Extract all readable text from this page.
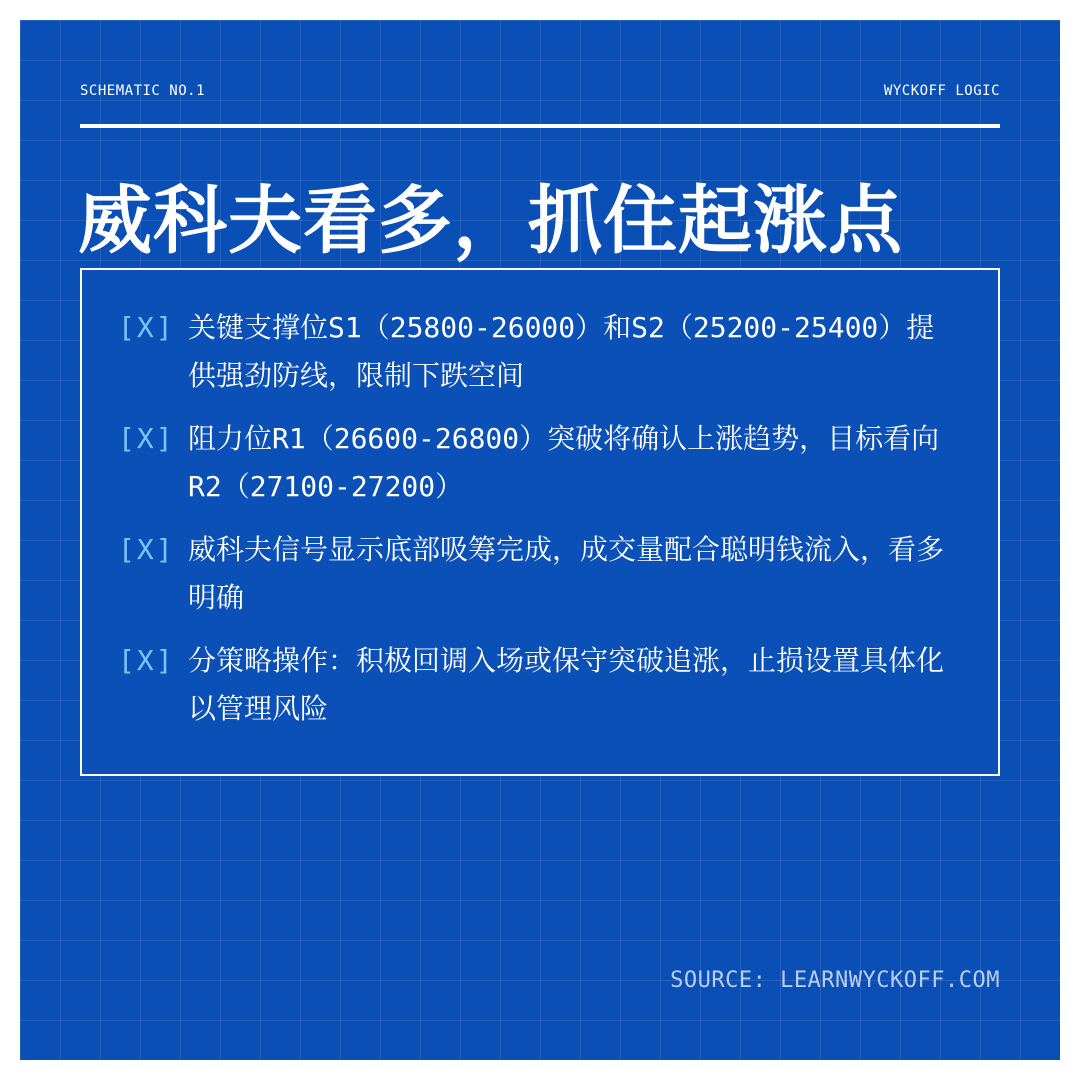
SCHEMATIC NO.1	WYCKOFF LOGIC
威科夫看多，抓住起涨点
[X] 关键支撑位S1（25800-26000）和S2（25200-25400）提供强劲防线，限制下跌空间
[X] 阻力位R1（26600-26800）突破将确认上涨趋势，目标看向R2（27100-27200）
[X] 威科夫信号显示底部吸筹完成，成交量配合聪明钱流入，看多明确
[X] 分策略操作：积极回调入场或保守突破追涨，止损设置具体化以管理风险
SOURCE: LEARNWYCKOFF.COM
